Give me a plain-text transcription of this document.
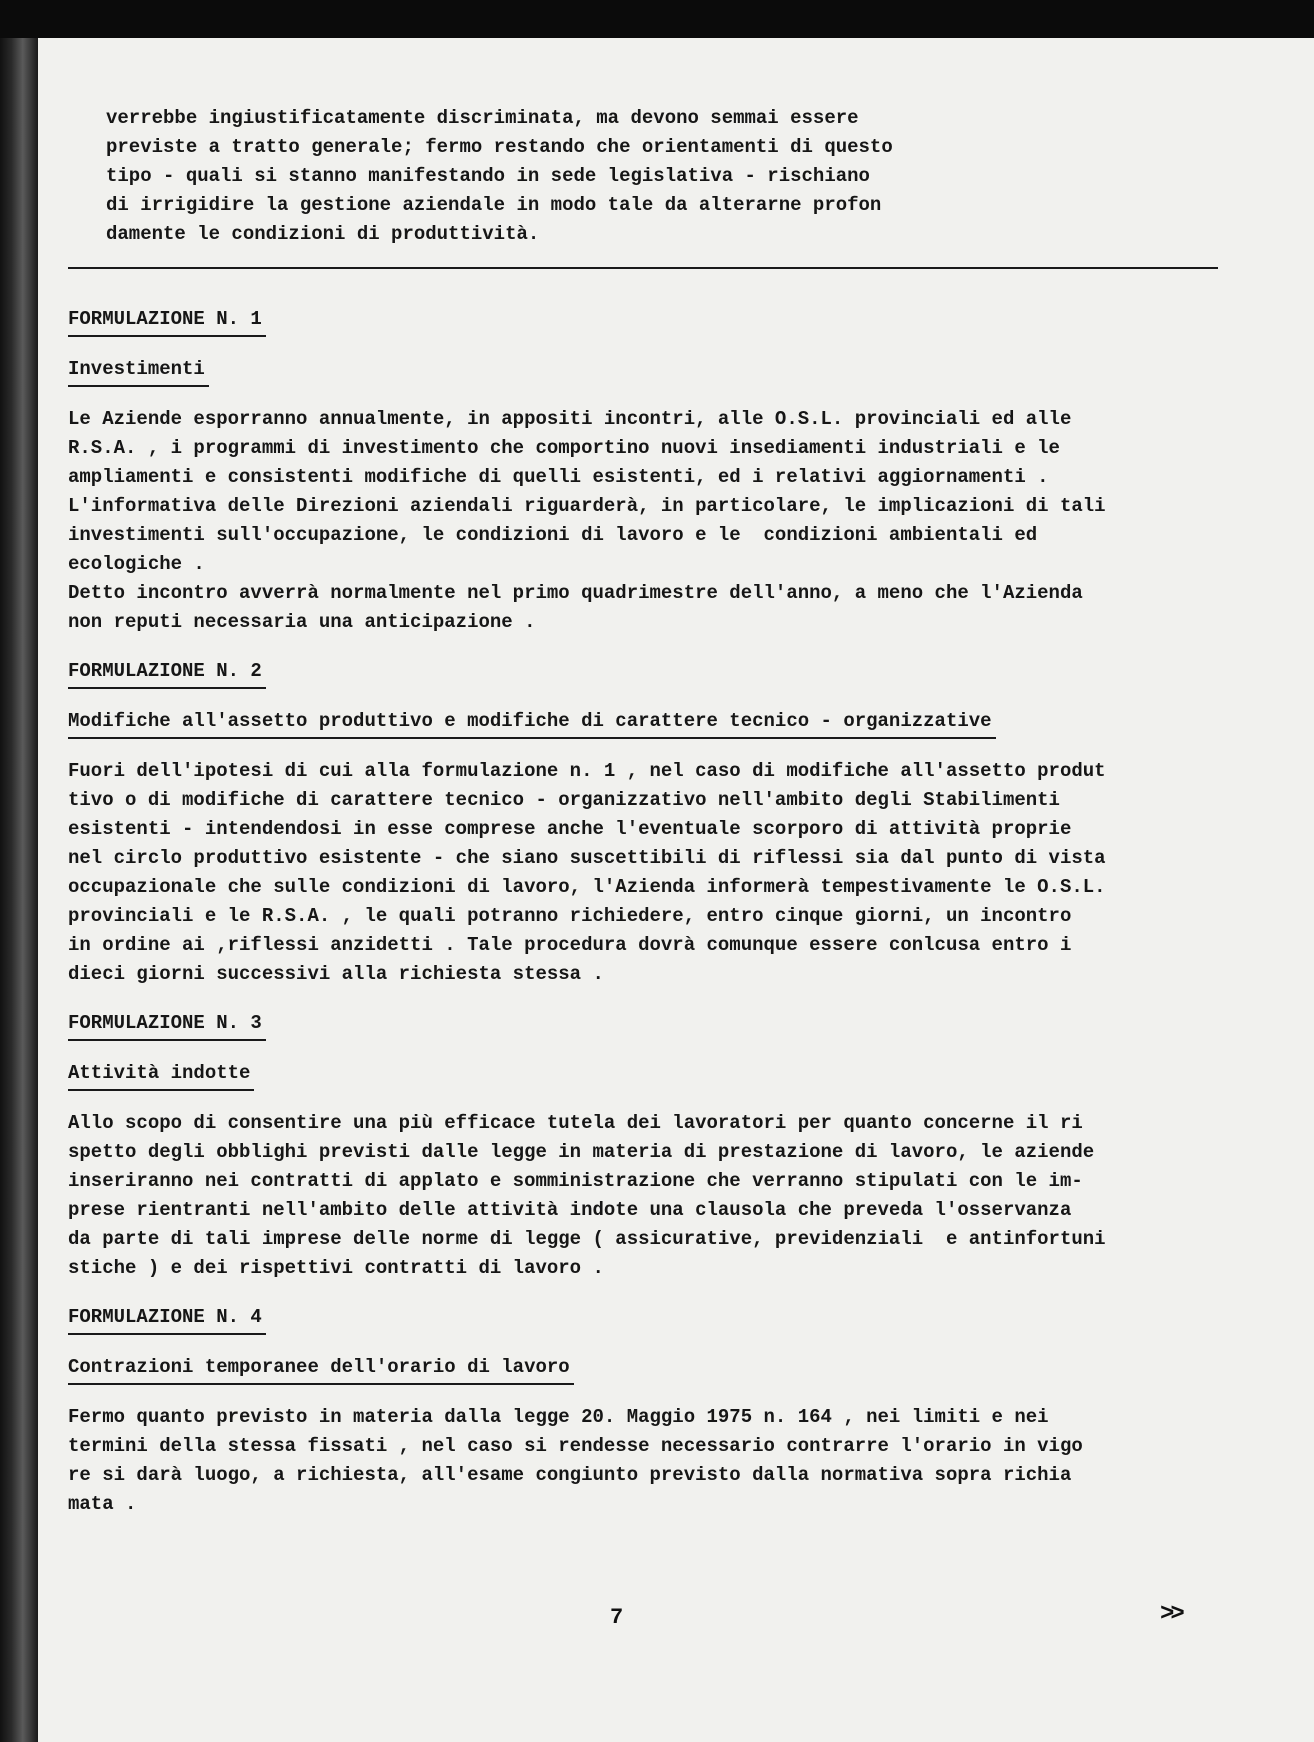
verrebbe ingiustificatamente discriminata, ma devono semmai essere

previste a tratto generale; fermo restando che orientamenti di questo

tipo - quali si stanno manifestando in sede legislativa - rischiano

di irrigidire la gestione aziendale in modo tale da alterarne profon

damente le condizioni di produttività.

FORMULAZIONE N. 1
Investimenti

Le Aziende esporranno annualmente, in appositi incontri, alle O.S.L. provinciali ed alle

R.S.A. , i programmi di investimento che comportino nuovi insediamenti industriali e le

ampliamenti e consistenti modifiche di quelli esistenti, ed i relativi aggiornamenti .

L'informativa delle Direzioni aziendali riguarderà, in particolare, le implicazioni di tali

investimenti sull'occupazione, le condizioni di lavoro e le  condizioni ambientali ed

ecologiche .

Detto incontro avverrà normalmente nel primo quadrimestre dell'anno, a meno che l'Azienda

non reputi necessaria una anticipazione .

FORMULAZIONE N. 2
Modifiche all'assetto produttivo e modifiche di carattere tecnico - organizzative

Fuori dell'ipotesi di cui alla formulazione n. 1 , nel caso di modifiche all'assetto produt

tivo o di modifiche di carattere tecnico - organizzativo nell'ambito degli Stabilimenti

esistenti - intendendosi in esse comprese anche l'eventuale scorporo di attività proprie

nel circlo produttivo esistente - che siano suscettibili di riflessi sia dal punto di vista

occupazionale che sulle condizioni di lavoro, l'Azienda informerà tempestivamente le O.S.L.

provinciali e le R.S.A. , le quali potranno richiedere, entro cinque giorni, un incontro

in ordine ai ,riflessi anzidetti . Tale procedura dovrà comunque essere conlcusa entro i

dieci giorni successivi alla richiesta stessa .

FORMULAZIONE N. 3
Attività indotte

Allo scopo di consentire una più efficace tutela dei lavoratori per quanto concerne il ri

spetto degli obblighi previsti dalle legge in materia di prestazione di lavoro, le aziende

inseriranno nei contratti di applato e somministrazione che verranno stipulati con le im-

prese rientranti nell'ambito delle attività indote una clausola che preveda l'osservanza

da parte di tali imprese delle norme di legge ( assicurative, previdenziali  e antinfortuni

stiche ) e dei rispettivi contratti di lavoro .

FORMULAZIONE N. 4
Contrazioni temporanee dell'orario di lavoro

Fermo quanto previsto in materia dalla legge 20. Maggio 1975 n. 164 , nei limiti e nei

termini della stessa fissati , nel caso si rendesse necessario contrarre l'orario in vigo

re si darà luogo, a richiesta, all'esame congiunto previsto dalla normativa sopra richia

mata .

7	>>
